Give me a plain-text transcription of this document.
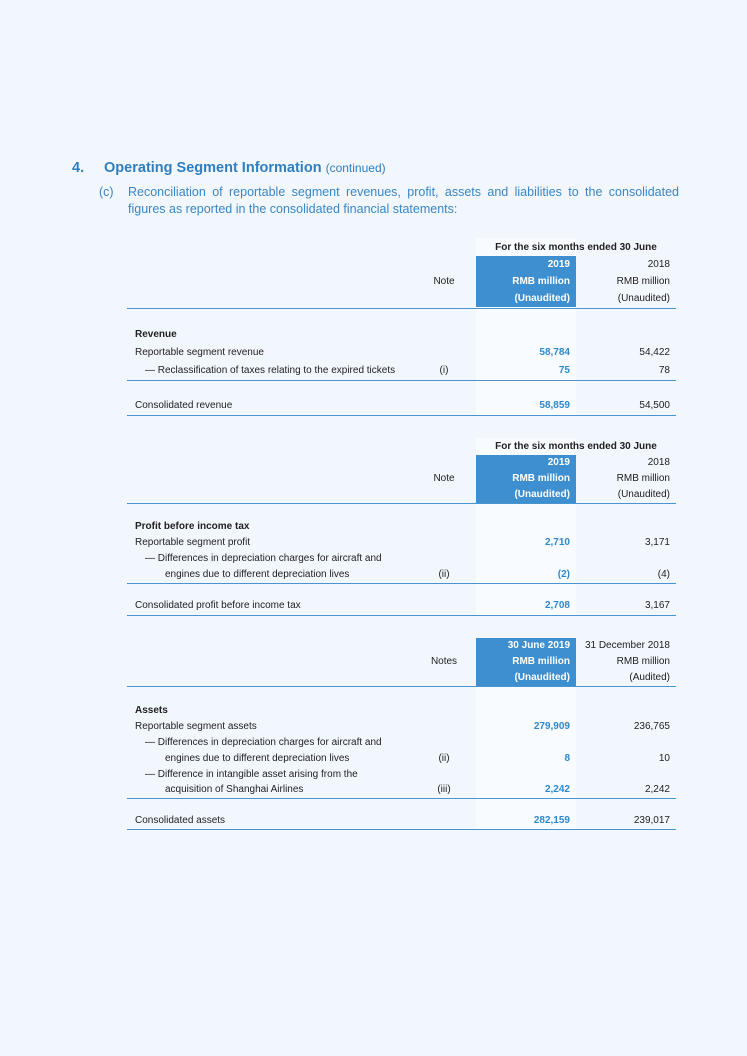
4. Operating Segment Information (continued)
(c) Reconciliation of reportable segment revenues, profit, assets and liabilities to the consolidated figures as reported in the consolidated financial statements:
For the six months ended 30 June
2019	2018
Note	RMB million	RMB million
(Unaudited)	(Unaudited)
Revenue
Reportable segment revenue	58,784	54,422
— Reclassification of taxes relating to the expired tickets	(i)	75	78
Consolidated revenue	58,859	54,500
For the six months ended 30 June
2019	2018
Note	RMB million	RMB million
(Unaudited)	(Unaudited)
Profit before income tax
Reportable segment profit	2,710	3,171
— Differences in depreciation charges for aircraft and
engines due to different depreciation lives	(ii)	(2)	(4)
Consolidated profit before income tax	2,708	3,167
30 June 2019	31 December 2018
Notes	RMB million	RMB million
(Unaudited)	(Audited)
Assets
Reportable segment assets	279,909	236,765
— Differences in depreciation charges for aircraft and
engines due to different depreciation lives	(ii)	8	10
— Difference in intangible asset arising from the
acquisition of Shanghai Airlines	(iii)	2,242	2,242
Consolidated assets	282,159	239,017
